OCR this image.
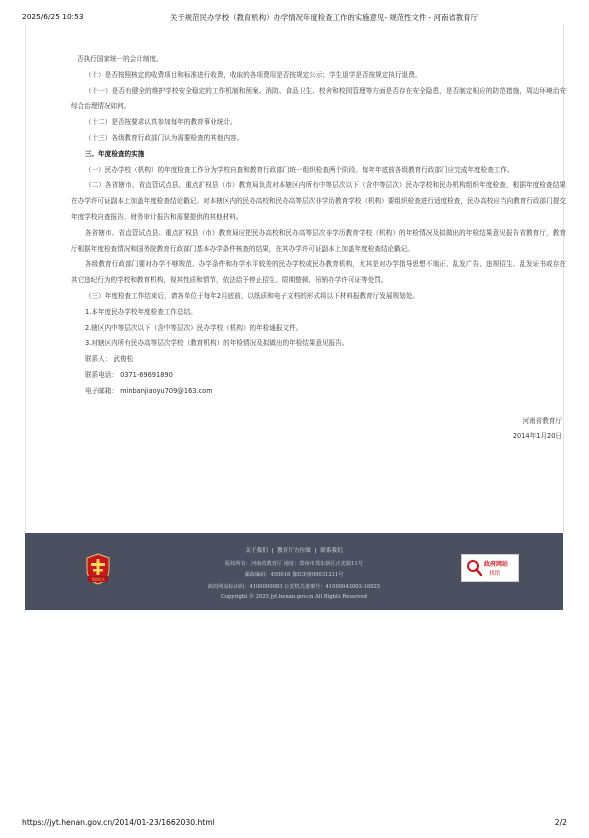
2025/6/25 10:53	关于规范民办学校（教育机构）办学情况年度检查工作的实施意见- 规范性文件 - 河南省教育厅

否执行国家统一的会计制度。

（十）是否按照核定的收费项目和标准进行收费，收取的各项费用是否按规定公示；学生退学是否按规定执行退费。

（十一）是否有健全的维护学校安全稳定的工作机制和预案。消防、食品卫生、校舍和校园管理等方面是否存在安全隐患，是否制定相应的防范措施，周边环境治安综合治理情况如何。

（十二）是否按要求认真参加每年的教育事业统计。

（十三）各级教育行政部门认为需要检查的其他内容。

三、年度检查的实施

（一）民办学校（机构）的年度检查工作分为学校自查和教育行政部门统一组织检查两个阶段。每年年底前各级教育行政部门应完成年度检查工作。

（二）各省辖市、省直管试点县、重点扩权县（市）教育局负责对本辖区内所有中等层次以下（含中等层次）民办学校和民办机构组织年度检查，根据年度检查结果在办学许可证副本上加盖年度检查结论戳记。对本辖区内的民办高校和民办高等层次非学历教育学校（机构）要组织检查进行适度检查，民办高校应当向教育行政部门提交年度学校自查报告、财务审计报告和需要提供的其他材料。

各省辖市、省直管试点县、重点扩权县（市）教育局应把民办高校和民办高等层次非学历教育学校（机构）的年检情况及拟做出的年检结果意见报告省教育厅，教育厅根据年度检查情况和国务院教育行政部门基本办学条件核查的结果，在其办学许可证副本上加盖年度检查结论戳记。

各级教育行政部门要对办学不够规范、办学条件和办学水平较差的民办学校或民办教育机构，尤其是对办学指导思想不端正、乱发广告、违规招生、乱发证书或存在其它违纪行为的学校和教育机构，视其性质和情节，依法给予停止招生、限期整顿、吊销办学许可证等处罚。

（三）年度检查工作结束后，请各单位于每年2月底前，以纸质和电子文档的形式将以下材料报教育厅发展规划处。

1.本年度民办学校年度检查工作总结。

2.辖区内中等层次以下（含中等层次）民办学校（机构）的年检通报文件。

3.对辖区内所有民办高等层次学校（教育机构）的年检情况及拟做出的年检结果意见报告。

联系人： 武俊松

联系电话： 0371-69691890

电子邮箱： minbanjiaoyu709@163.com

河南省教育厅

2014年1月20日

党政机关
关于我们 | 教育厅方位图 | 联系我们
版权所有：河南省教育厅 地址：郑州市郑东新区正光路11号
邮政编码：450018 豫ICP备09031211号
政府网站标识码：4100000083 公安机关备案号：41000043003-18025
Copyright © 2025 jyt.henan.gov.cn All Rights Reserved
政府网站
找错
https://jyt.henan.gov.cn/2014/01-23/1662030.html	2/2
